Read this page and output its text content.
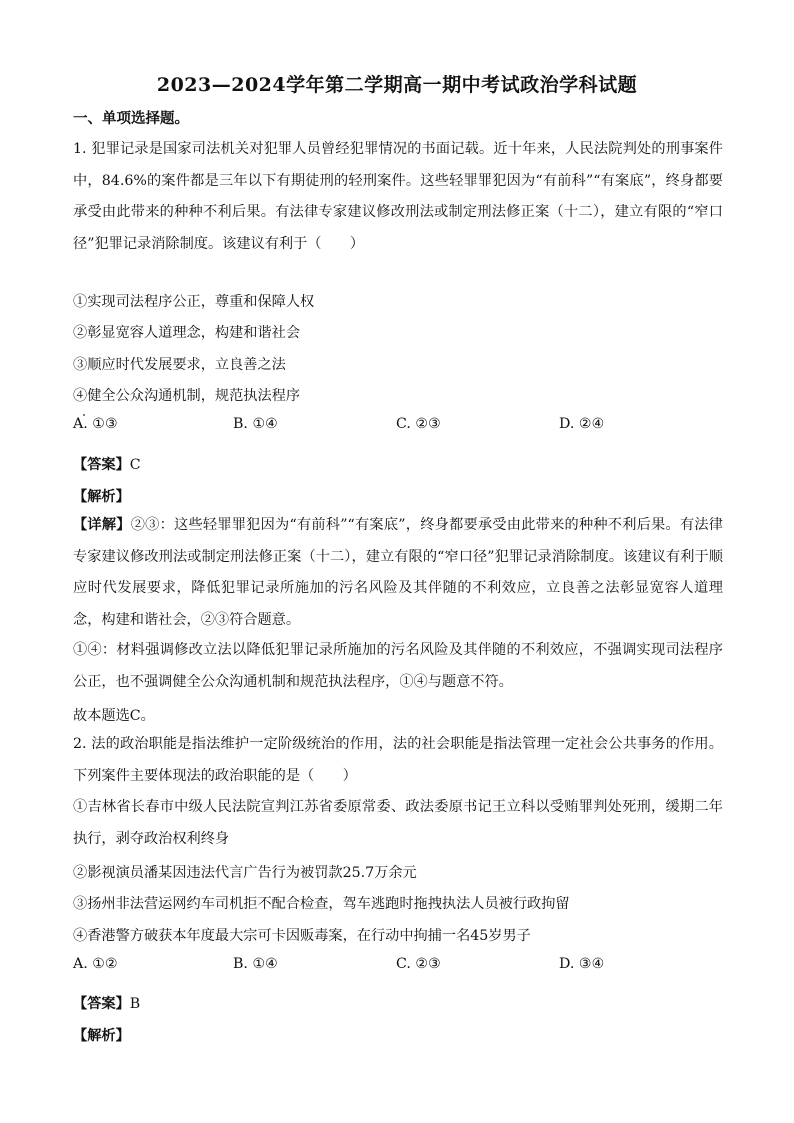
2023—2024学年第二学期高一期中考试政治学科试题
一、单项选择题。
1. 犯罪记录是国家司法机关对犯罪人员曾经犯罪情况的书面记载。近十年来，人民法院判处的刑事案件中，84.6%的案件都是三年以下有期徒刑的轻刑案件。这些轻罪罪犯因为“有前科”“有案底”，终身都要承受由此带来的种种不利后果。有法律专家建议修改刑法或制定刑法修正案（十二），建立有限的“窄口径”犯罪记录消除制度。该建议有利于（　　）
①实现司法程序公正，尊重和保障人权
②彰显宽容人道理念，构建和谐社会
③顺应时代发展要求，立良善之法
④健全公众沟通机制，规范执法程序
A. ①③	B. ①④	C. ②③	D. ②④
【答案】C
【解析】
【详解】②③：这些轻罪罪犯因为“有前科”“有案底”，终身都要承受由此带来的种种不利后果。有法律专家建议修改刑法或制定刑法修正案（十二），建立有限的“窄口径”犯罪记录消除制度。该建议有利于顺应时代发展要求，降低犯罪记录所施加的污名风险及其伴随的不利效应，立良善之法彰显宽容人道理念，构建和谐社会，②③符合题意。
①④：材料强调修改立法以降低犯罪记录所施加的污名风险及其伴随的不利效应，不强调实现司法程序公正，也不强调健全公众沟通机制和规范执法程序，①④与题意不符。
故本题选C。
2. 法的政治职能是指法维护一定阶级统治的作用，法的社会职能是指法管理一定社会公共事务的作用。下列案件主要体现法的政治职能的是（　　）
①吉林省长春市中级人民法院宣判江苏省委原常委、政法委原书记王立科以受贿罪判处死刑，缓期二年执行，剥夺政治权利终身
②影视演员潘某因违法代言广告行为被罚款25.7万余元
③扬州非法营运网约车司机拒不配合检查，驾车逃跑时拖拽执法人员被行政拘留
④香港警方破获本年度最大宗可卡因贩毒案，在行动中拘捕一名45岁男子
A. ①②	B. ①④	C. ②③	D. ③④
【答案】B
【解析】
